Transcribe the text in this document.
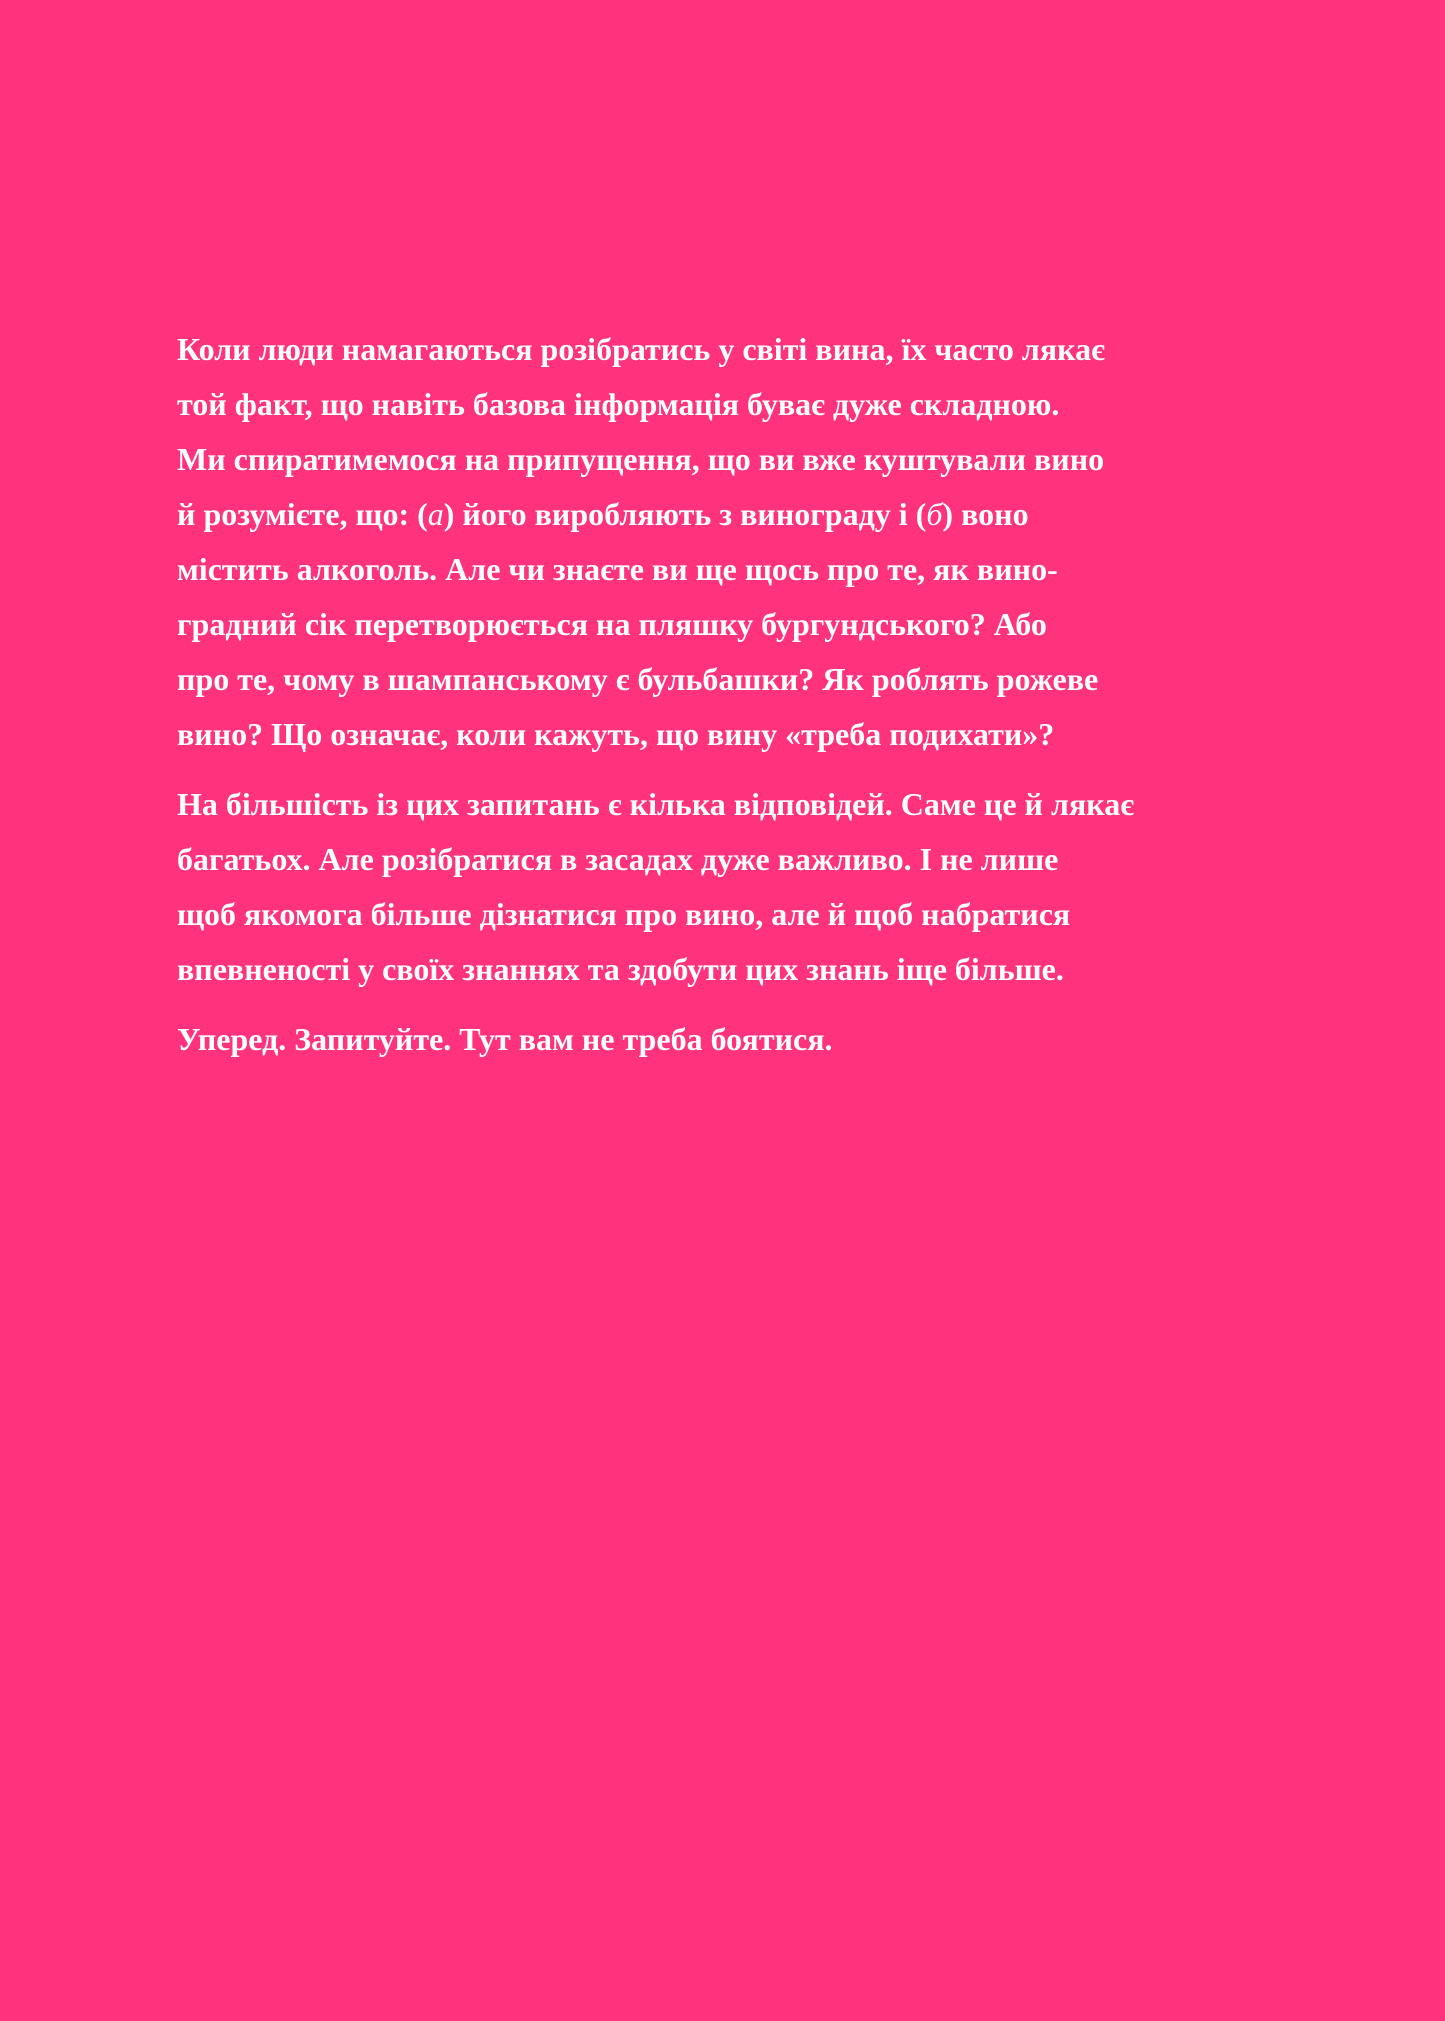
Коли люди намагаються розібратись у світі вина, їх часто лякає
той факт, що навіть базова інформація буває дуже складною.
Ми спиратимемося на припущення, що ви вже куштували вино
й розумієте, що: (а) його виробляють з винограду і (б) воно
містить алкоголь. Але чи знаєте ви ще щось про те, як вино-
градний сік перетворюється на пляшку бургундського? Або
про те, чому в шампанському є бульбашки? Як роблять рожеве
вино? Що означає, коли кажуть, що вину «треба подихати»?

На більшість із цих запитань є кілька відповідей. Саме це й лякає
багатьох. Але розібратися в засадах дуже важливо. І не лише
щоб якомога більше дізнатися про вино, але й щоб набратися
впевненості у своїх знаннях та здобути цих знань іще більше.

Уперед. Запитуйте. Тут вам не треба боятися.
